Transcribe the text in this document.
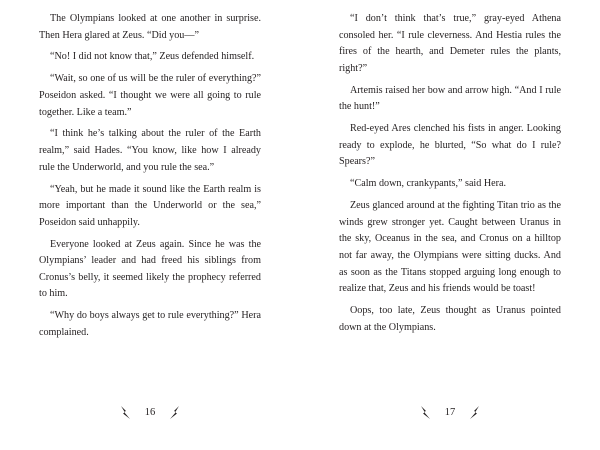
The Olympians looked at one another in surprise. Then Hera glared at Zeus. “Did you—”

“No! I did not know that,” Zeus defended himself.

“Wait, so one of us will be the ruler of everything?” Poseidon asked. “I thought we were all going to rule together. Like a team.”

“I think he’s talking about the ruler of the Earth realm,” said Hades. “You know, like how I already rule the Underworld, and you rule the sea.”

“Yeah, but he made it sound like the Earth realm is more important than the Underworld or the sea,” Poseidon said unhappily.

Everyone looked at Zeus again. Since he was the Olympians’ leader and had freed his siblings from Cronus’s belly, it seemed likely the prophecy referred to him.

“Why do boys always get to rule everything?” Hera complained.

16

“I don’t think that’s true,” gray-eyed Athena consoled her. “I rule cleverness. And Hestia rules the fires of the hearth, and Demeter rules the plants, right?”

Artemis raised her bow and arrow high. “And I rule the hunt!”

Red-eyed Ares clenched his fists in anger. Looking ready to explode, he blurted, “So what do I rule? Spears?”

“Calm down, crankypants,” said Hera.

Zeus glanced around at the fighting Titan trio as the winds grew stronger yet. Caught between Uranus in the sky, Oceanus in the sea, and Cronus on a hilltop not far away, the Olympians were sitting ducks. And as soon as the Titans stopped arguing long enough to realize that, Zeus and his friends would be toast!

Oops, too late, Zeus thought as Uranus pointed down at the Olympians.

17
